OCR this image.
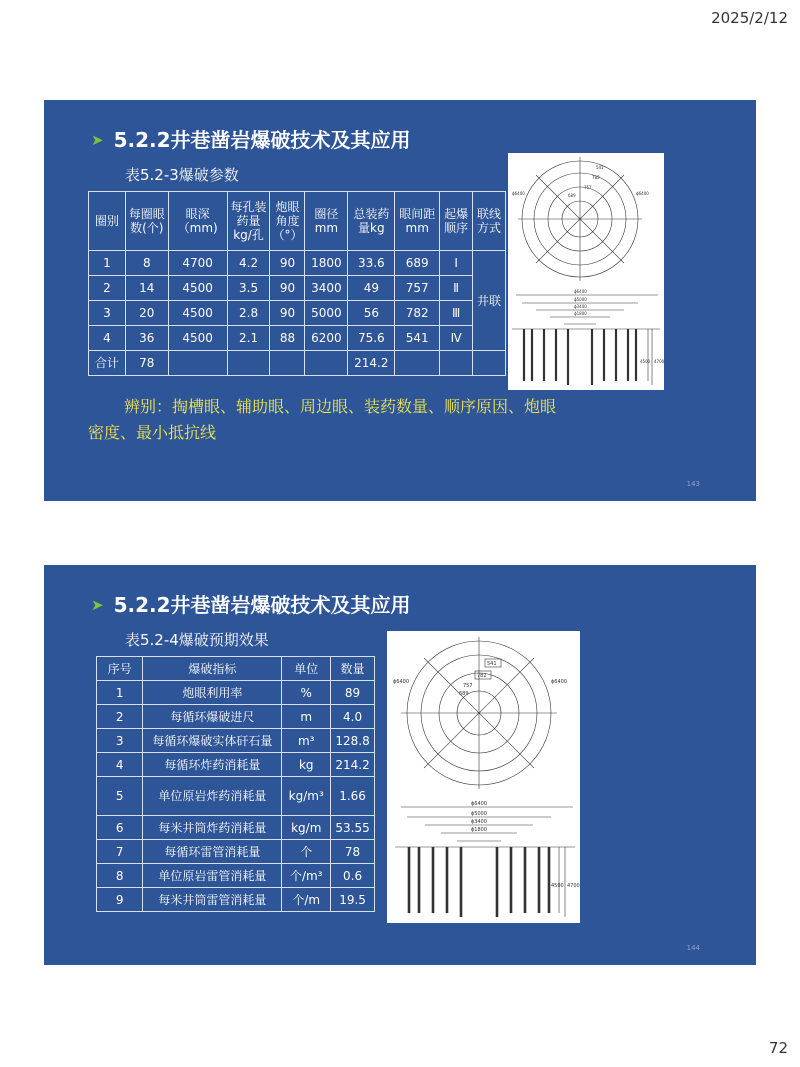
2025/2/12
➤ 5.2.2井巷凿岩爆破技术及其应用
表5.2-3爆破参数
圈别	每圈眼数(个)	眼深（mm)	每孔装药量kg/孔	炮眼角度（°）	圈径mm	总装药量kg	眼间距mm	起爆顺序	联线方式
1	8	4700	4.2	90	1800	33.6	689	Ⅰ	井联
2	14	4500	3.5	90	3400	49	757	Ⅱ	
3	20	4500	2.8	90	5000	56	782	Ⅲ	
4	36	4500	2.1	88	6200	75.6	541	Ⅳ	
合计	78					214.2			
辨别：掏槽眼、辅助眼、周边眼、装药数量、顺序原因、炮眼密度、最小抵抗线
ϕ6400	ϕ6400
ϕ6400
ϕ5000
ϕ3400
ϕ1800
4500 4700
541
782
757
689
143
➤ 5.2.2井巷凿岩爆破技术及其应用
表5.2-4爆破预期效果
序号	爆破指标	单位	数量
1	炮眼利用率	%	89
2	每循环爆破进尺	m	4.0
3	每循环爆破实体矸石量	m³	128.8
4	每循环炸药消耗量	kg	214.2
5	单位原岩炸药消耗量	kg/m³	1.66
6	每米井筒炸药消耗量	kg/m	53.55
7	每循环雷管消耗量	个	78
8	单位原岩雷管消耗量	个/m³	0.6
9	每米井筒雷管消耗量	个/m	19.5
ϕ6400	ϕ6400
ϕ6400
ϕ5000
ϕ3400
ϕ1800
4500 4700
541
782
757
689
144
72
